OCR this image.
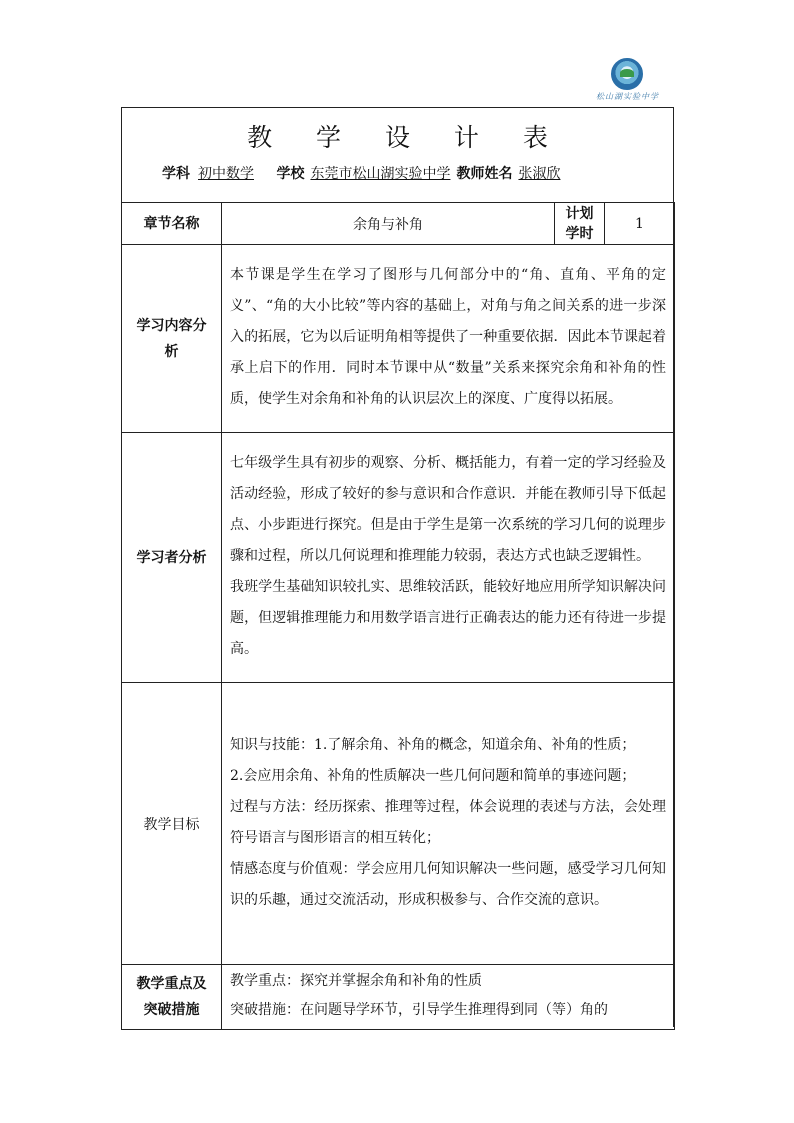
松山湖实验中学
教 学 设 计 表
学科 初中数学 学校 东莞市松山湖实验中学 教师姓名 张淑欣
章节名称	余角与补角	计划学时	1
学习内容分析	本节课是学生在学习了图形与几何部分中的“角、直角、平角的定义”、“角的大小比较”等内容的基础上，对角与角之间关系的进一步深入的拓展，它为以后证明角相等提供了一种重要依据．因此本节课起着承上启下的作用．同时本节课中从“数量”关系来探究余角和补角的性质，使学生对余角和补角的认识层次上的深度、广度得以拓展。		

学习者分析	七年级学生具有初步的观察、分析、概括能力，有着一定的学习经验及活动经验，形成了较好的参与意识和合作意识．并能在教师引导下低起点、小步距进行探究。但是由于学生是第一次系统的学习几何的说理步骤和过程，所以几何说理和推理能力较弱，表达方式也缺乏逻辑性。

我班学生基础知识较扎实、思维较活跃，能较好地应用所学知识解决问题，但逻辑推理能力和用数学语言进行正确表达的能力还有待进一步提高。		

教学目标	知识与技能：1.了解余角、补角的概念，知道余角、补角的性质；

2.会应用余角、补角的性质解决一些几何问题和简单的事迹问题；

过程与方法：经历探索、推理等过程，体会说理的表述与方法，会处理符号语言与图形语言的相互转化；

情感态度与价值观：学会应用几何知识解决一些问题，感受学习几何知识的乐趣，通过交流活动，形成积极参与、合作交流的意识。		

教学重点及突破措施	教学重点：探究并掌握余角和补角的性质

突破措施：在问题导学环节，引导学生推理得到同（等）角的		
